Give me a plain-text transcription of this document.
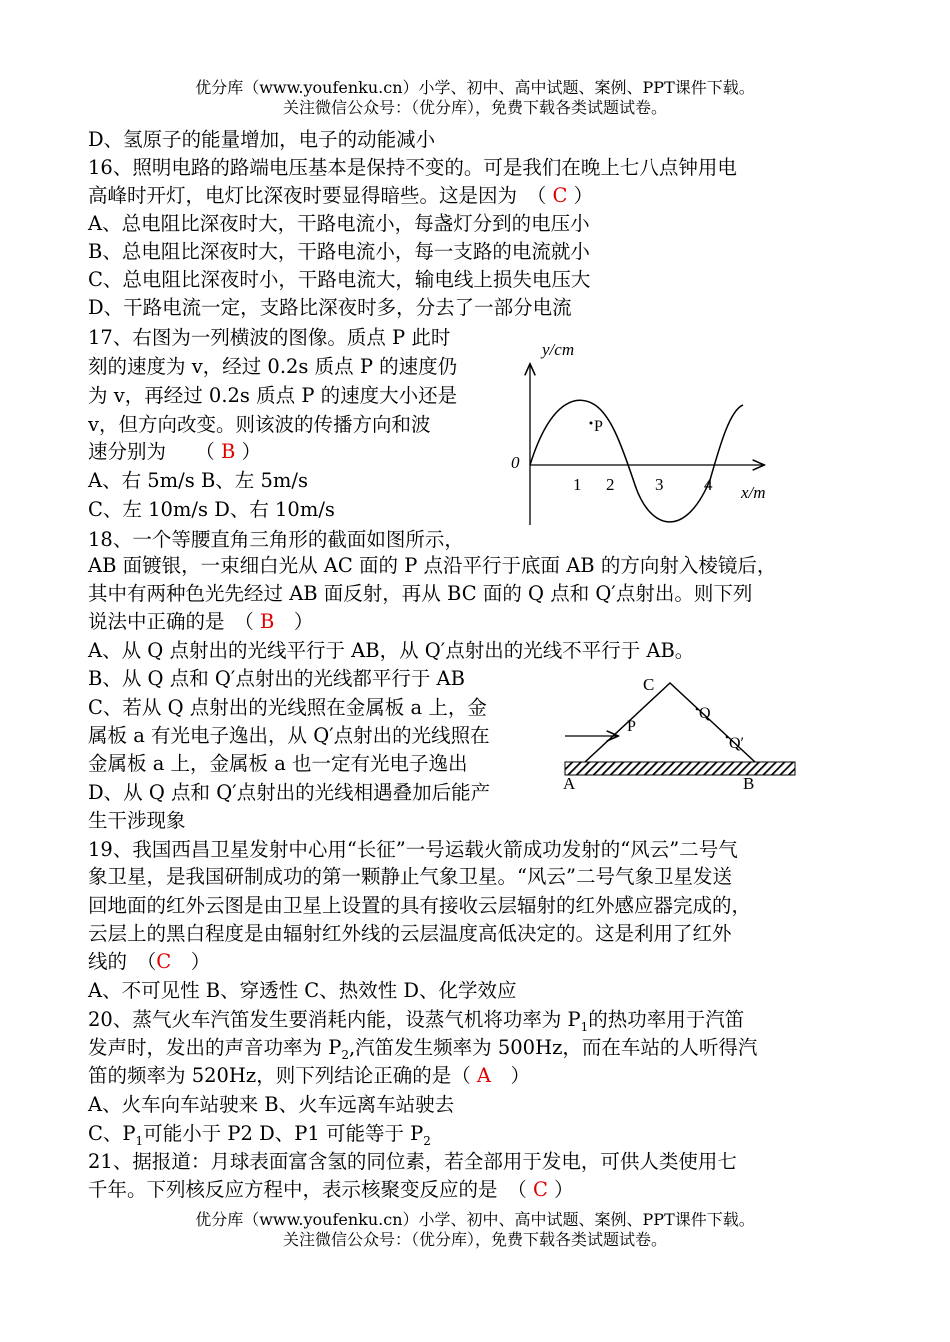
优分库（www.youfenku.cn）小学、初中、高中试题、案例、PPT课件下载。
关注微信公众号：（优分库），免费下载各类试题试卷。
D、氢原子的能量增加，电子的动能减小
16、照明电路的路端电压基本是保持不变的。可是我们在晚上七八点钟用电
高峰时开灯，电灯比深夜时要显得暗些。这是因为　（ C ）
A、总电阻比深夜时大，干路电流小，每盏灯分到的电压小
B、总电阻比深夜时大，干路电流小，每一支路的电流就小
C、总电阻比深夜时小，干路电流大，输电线上损失电压大
D、干路电流一定，支路比深夜时多，分去了一部分电流
17、右图为一列横波的图像。质点 P 此时
刻的速度为 v，经过 0.2s 质点 P 的速度仍
为 v，再经过 0.2s 质点 P 的速度大小还是
v，但方向改变。则该波的传播方向和波
速分别为　　（ B ）
A、右 5m/s B、左 5m/s
C、左 10m/s D、右 10m/s
y/cm
0
1 2 3 4 x/m
P
18、一个等腰直角三角形的截面如图所示，
AB 面镀银，一束细白光从 AC 面的 P 点沿平行于底面 AB 的方向射入棱镜后，
其中有两种色光先经过 AB 面反射，再从 BC 面的 Q 点和 Q′点射出。则下列
说法中正确的是　（ B　）
A、从 Q 点射出的光线平行于 AB，从 Q′点射出的光线不平行于 AB。
B、从 Q 点和 Q′点射出的光线都平行于 AB
C、若从 Q 点射出的光线照在金属板 a 上，金
属板 a 有光电子逸出，从 Q′点射出的光线照在
金属板 a 上，金属板 a 也一定有光电子逸出
D、从 Q 点和 Q′点射出的光线相遇叠加后能产
生干涉现象
C
P
Q
Q′
A	B
19、我国西昌卫星发射中心用“长征”一号运载火箭成功发射的“风云”二号气
象卫星，是我国研制成功的第一颗静止气象卫星。“风云”二号气象卫星发送
回地面的红外云图是由卫星上设置的具有接收云层辐射的红外感应器完成的，
云层上的黑白程度是由辐射红外线的云层温度高低决定的。这是利用了红外
线的　（C　）
A、不可见性 B、穿透性 C、热效性 D、化学效应
20、蒸气火车汽笛发生要消耗内能，设蒸气机将功率为 $P_1$的热功率用于汽笛
发声时，发出的声音功率为 $P_2$,汽笛发生频率为 500Hz，而在车站的人听得汽
笛的频率为 520Hz，则下列结论正确的是（ A　）
A、火车向车站驶来 B、火车远离车站驶去
C、$P_1$可能小于 P2 D、P1 可能等于 $P_2$
21、据报道：月球表面富含氢的同位素，若全部用于发电，可供人类使用七
千年。下列核反应方程中，表示核聚变反应的是　（ C ）
优分库（www.youfenku.cn）小学、初中、高中试题、案例、PPT课件下载。
关注微信公众号：（优分库），免费下载各类试题试卷。
